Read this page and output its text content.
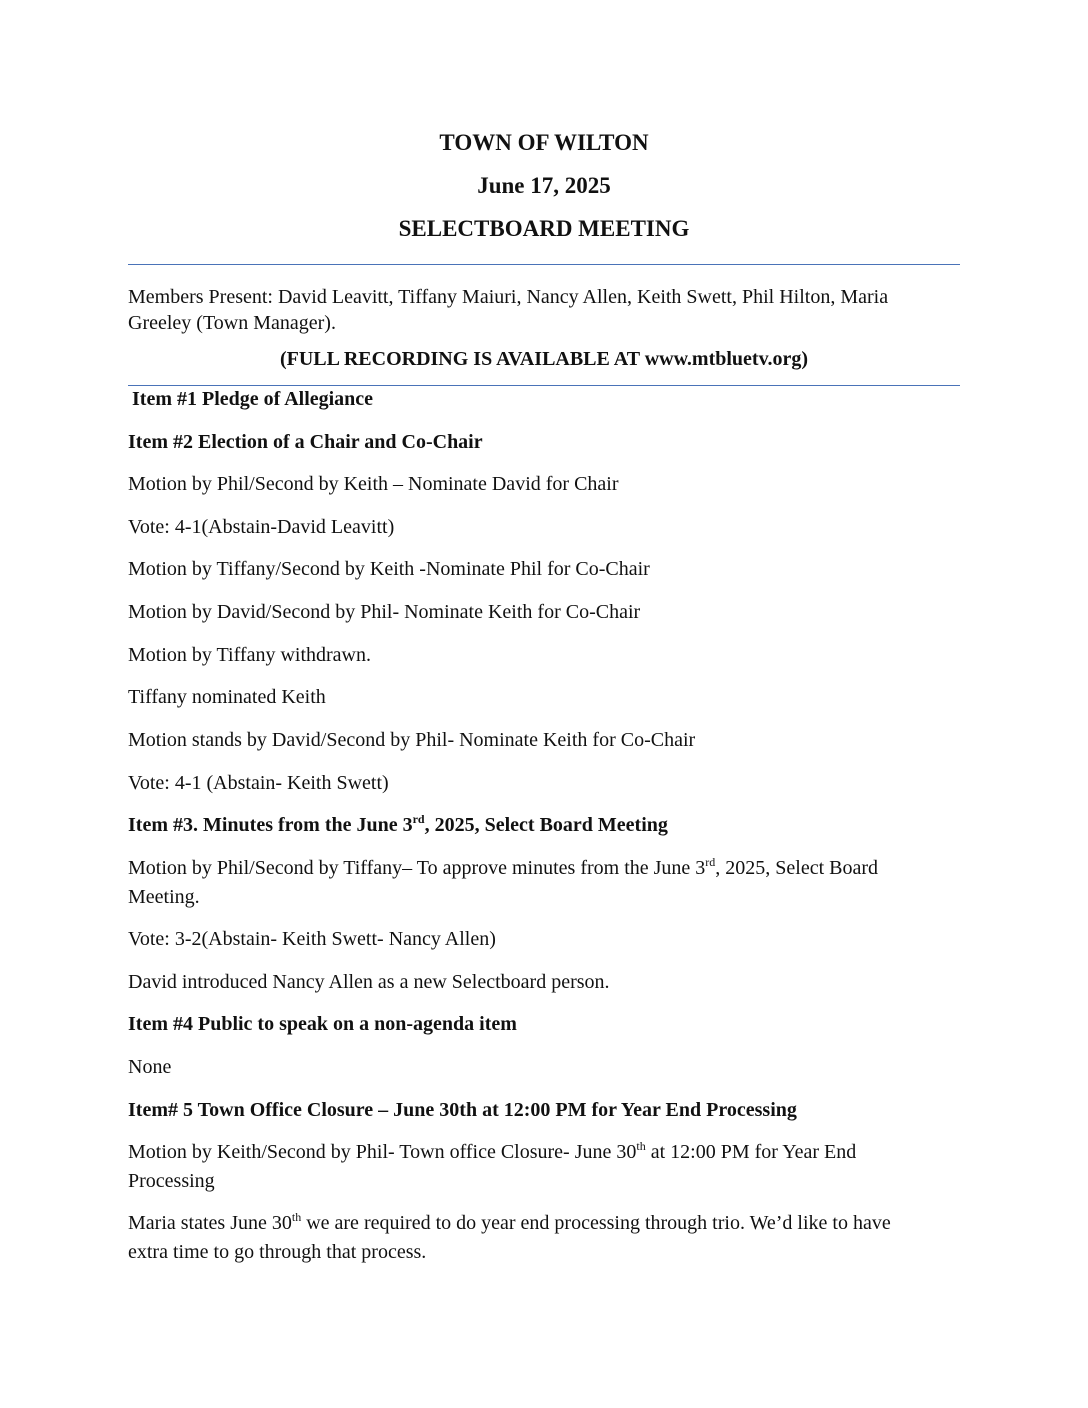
TOWN OF WILTON
June 17, 2025
SELECTBOARD MEETING
Members Present: David Leavitt, Tiffany Maiuri, Nancy Allen, Keith Swett, Phil Hilton, Maria
Greeley (Town Manager).
(FULL RECORDING IS AVAILABLE AT www.mtbluetv.org)
Item #1 Pledge of Allegiance
Item #2 Election of a Chair and Co-Chair
Motion by Phil/Second by Keith – Nominate David for Chair
Vote: 4-1(Abstain-David Leavitt)
Motion by Tiffany/Second by Keith -Nominate Phil for Co-Chair
Motion by David/Second by Phil- Nominate Keith for Co-Chair
Motion by Tiffany withdrawn.
Tiffany nominated Keith
Motion stands by David/Second by Phil- Nominate Keith for Co-Chair
Vote: 4-1 (Abstain- Keith Swett)
Item #3. Minutes from the June 3rd, 2025, Select Board Meeting
Motion by Phil/Second by Tiffany– To approve minutes from the June 3rd, 2025, Select Board
Meeting.
Vote: 3-2(Abstain- Keith Swett- Nancy Allen)
David introduced Nancy Allen as a new Selectboard person.
Item #4 Public to speak on a non-agenda item
None
Item# 5 Town Office Closure – June 30th at 12:00 PM for Year End Processing
Motion by Keith/Second by Phil- Town office Closure- June 30th at 12:00 PM for Year End
Processing
Maria states June 30th we are required to do year end processing through trio. We’d like to have
extra time to go through that process.
